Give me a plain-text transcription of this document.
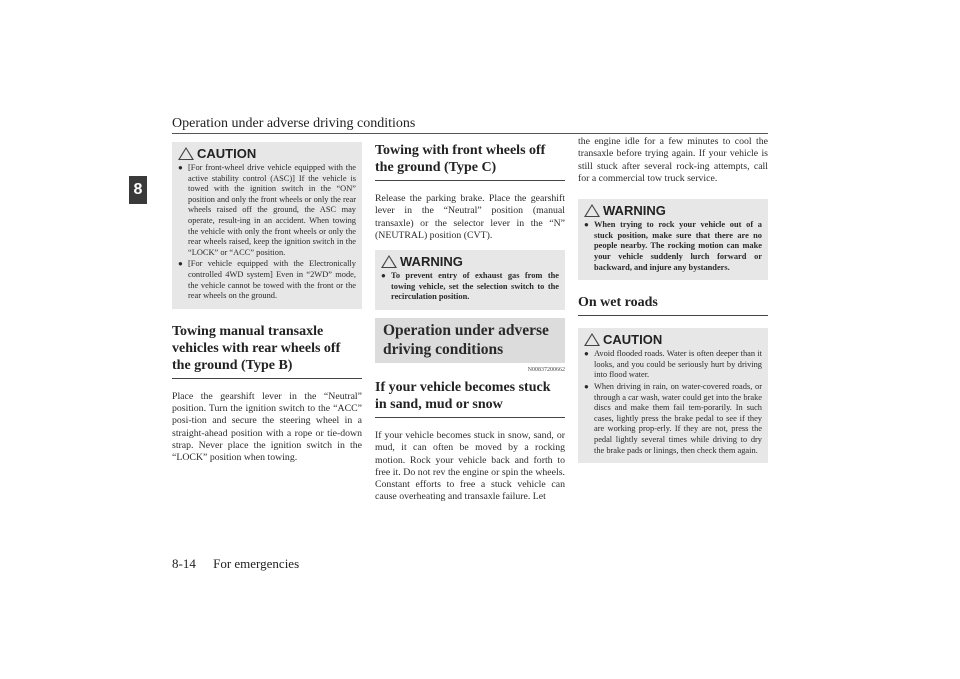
Operation under adverse driving conditions
8
CAUTION
● [For front-wheel drive vehicle equipped with the active stability control (ASC)] If the vehicle is towed with the ignition switch in the “ON” position and only the front wheels or only the rear wheels raised off the ground, the ASC may operate, result-ing in an accident. When towing the vehicle with only the front wheels or only the rear wheels raised, keep the ignition switch in the “LOCK” or “ACC” position.
● [For vehicle equipped with the Electronically controlled 4WD system] Even in “2WD” mode, the vehicle cannot be towed with the front or the rear wheels on the ground.
Towing manual transaxle vehicles with rear wheels off the ground (Type B)
Place the gearshift lever in the “Neutral” position. Turn the ignition switch to the “ACC” posi-tion and secure the steering wheel in a straight-ahead position with a rope or tie-down strap. Never place the ignition switch in the “LOCK” position when towing.
Towing with front wheels off the ground (Type C)
Release the parking brake. Place the gearshift lever in the “Neutral” position (manual transaxle) or the selector lever in the “N” (NEUTRAL) position (CVT).
WARNING
● To prevent entry of exhaust gas from the towing vehicle, set the selection switch to the recirculation position.
Operation under adverse driving conditions
N00837200662
If your vehicle becomes stuck in sand, mud or snow
If your vehicle becomes stuck in snow, sand, or mud, it can often be moved by a rocking motion. Rock your vehicle back and forth to free it. Do not rev the engine or spin the wheels. Constant efforts to free a stuck vehicle can cause overheating and transaxle failure. Let
the engine idle for a few minutes to cool the transaxle before trying again. If your vehicle is still stuck after several rock-ing attempts, call for a commercial tow truck service.
WARNING
● When trying to rock your vehicle out of a stuck position, make sure that there are no people nearby. The rocking motion can make your vehicle suddenly lurch forward or backward, and injure any bystanders.
On wet roads
CAUTION
● Avoid flooded roads. Water is often deeper than it looks, and you could be seriously hurt by driving into flood water.
● When driving in rain, on water-covered roads, or through a car wash, water could get into the brake discs and make them fail tem-porarily. In such cases, lightly press the brake pedal to see if they are working prop-erly. If they are not, press the pedal lightly several times while driving to dry the brake pads or linings, then check them again.
8-14 For emergencies
